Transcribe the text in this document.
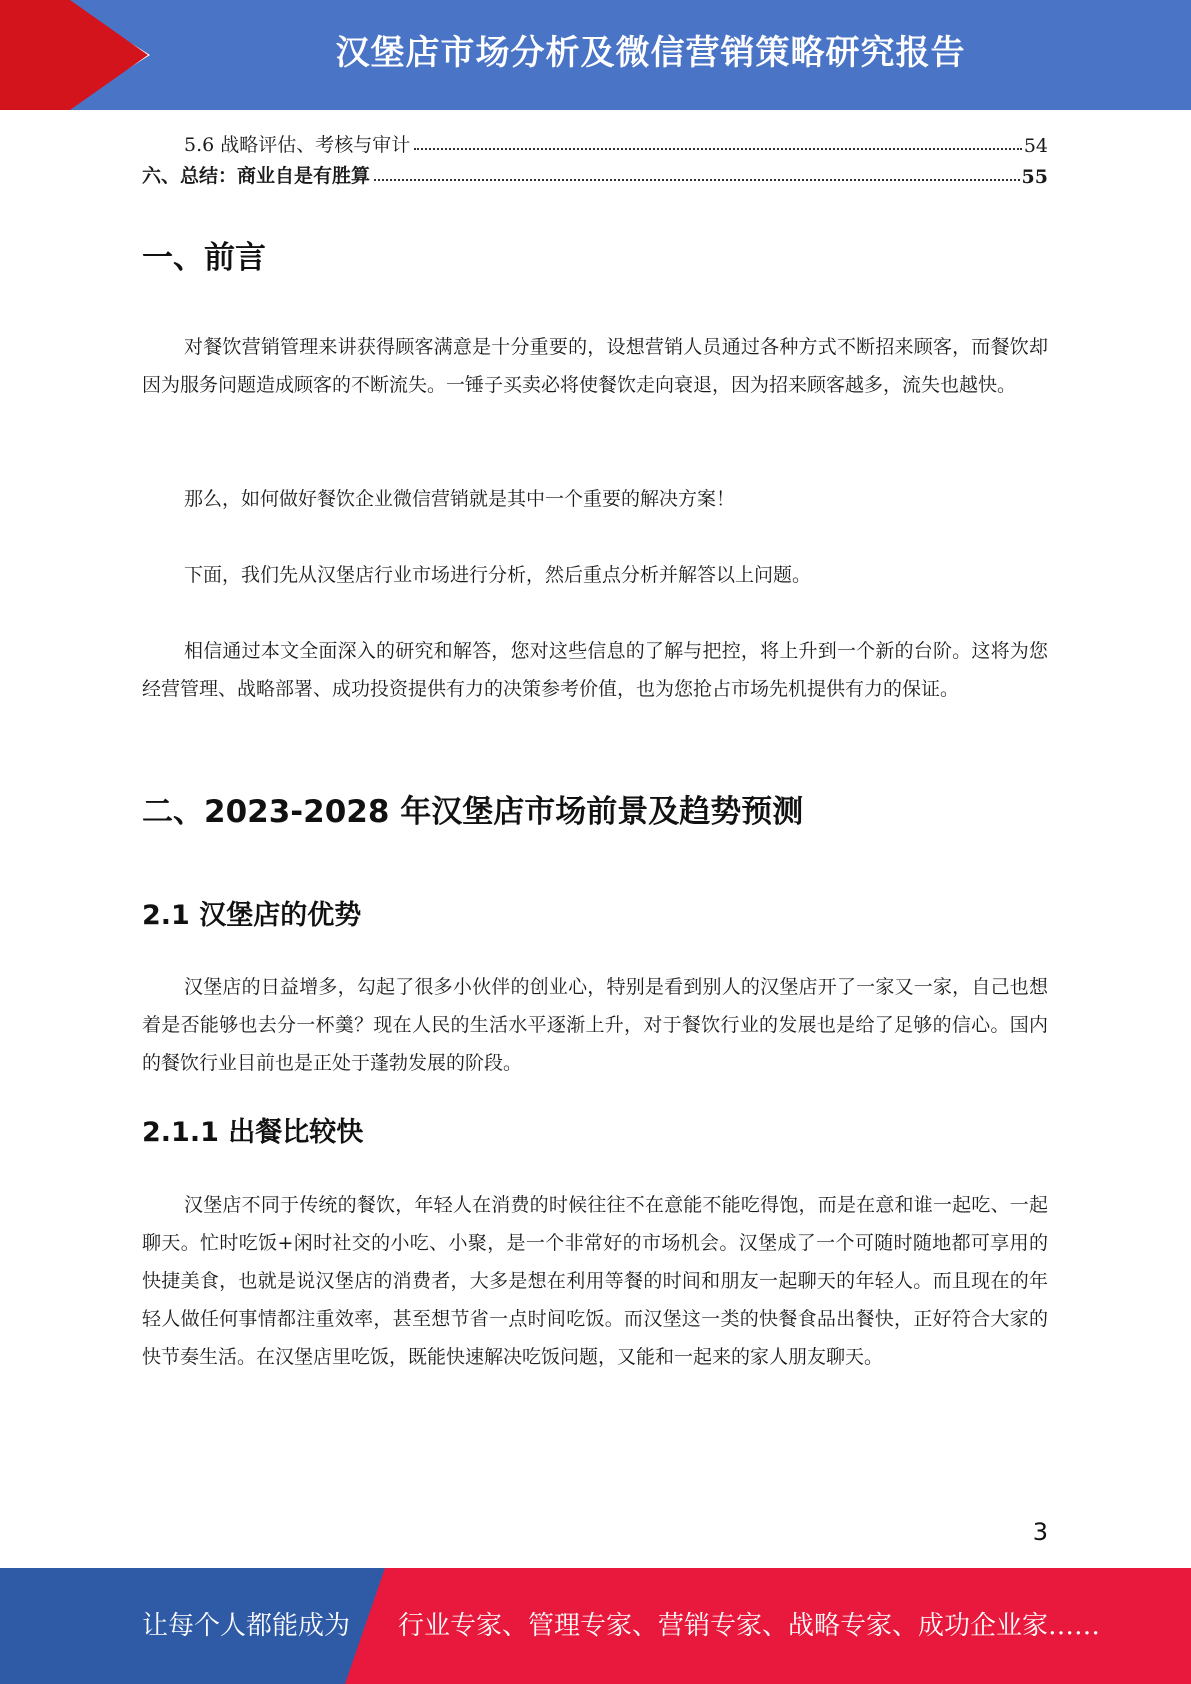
汉堡店市场分析及微信营销策略研究报告
5.6 战略评估、考核与审计	54
六、总结：商业自是有胜算	55
一、前言

对餐饮营销管理来讲获得顾客满意是十分重要的，设想营销人员通过各种方式不断招来顾客，而餐饮却因为服务问题造成顾客的不断流失。一锤子买卖必将使餐饮走向衰退，因为招来顾客越多，流失也越快。

那么，如何做好餐饮企业微信营销就是其中一个重要的解决方案！

下面，我们先从汉堡店行业市场进行分析，然后重点分析并解答以上问题。

相信通过本文全面深入的研究和解答，您对这些信息的了解与把控，将上升到一个新的台阶。这将为您经营管理、战略部署、成功投资提供有力的决策参考价值，也为您抢占市场先机提供有力的保证。

二、2023-2028 年汉堡店市场前景及趋势预测
2.1 汉堡店的优势

汉堡店的日益增多，勾起了很多小伙伴的创业心，特别是看到别人的汉堡店开了一家又一家，自己也想着是否能够也去分一杯羹？现在人民的生活水平逐渐上升，对于餐饮行业的发展也是给了足够的信心。国内的餐饮行业目前也是正处于蓬勃发展的阶段。

2.1.1 出餐比较快

汉堡店不同于传统的餐饮，年轻人在消费的时候往往不在意能不能吃得饱，而是在意和谁一起吃、一起聊天。忙时吃饭+闲时社交的小吃、小聚，是一个非常好的市场机会。汉堡成了一个可随时随地都可享用的快捷美食，也就是说汉堡店的消费者，大多是想在利用等餐的时间和朋友一起聊天的年轻人。而且现在的年轻人做任何事情都注重效率，甚至想节省一点时间吃饭。而汉堡这一类的快餐食品出餐快，正好符合大家的快节奏生活。在汉堡店里吃饭，既能快速解决吃饭问题，又能和一起来的家人朋友聊天。

3
让每个人都能成为 行业专家、管理专家、营销专家、战略专家、成功企业家……
